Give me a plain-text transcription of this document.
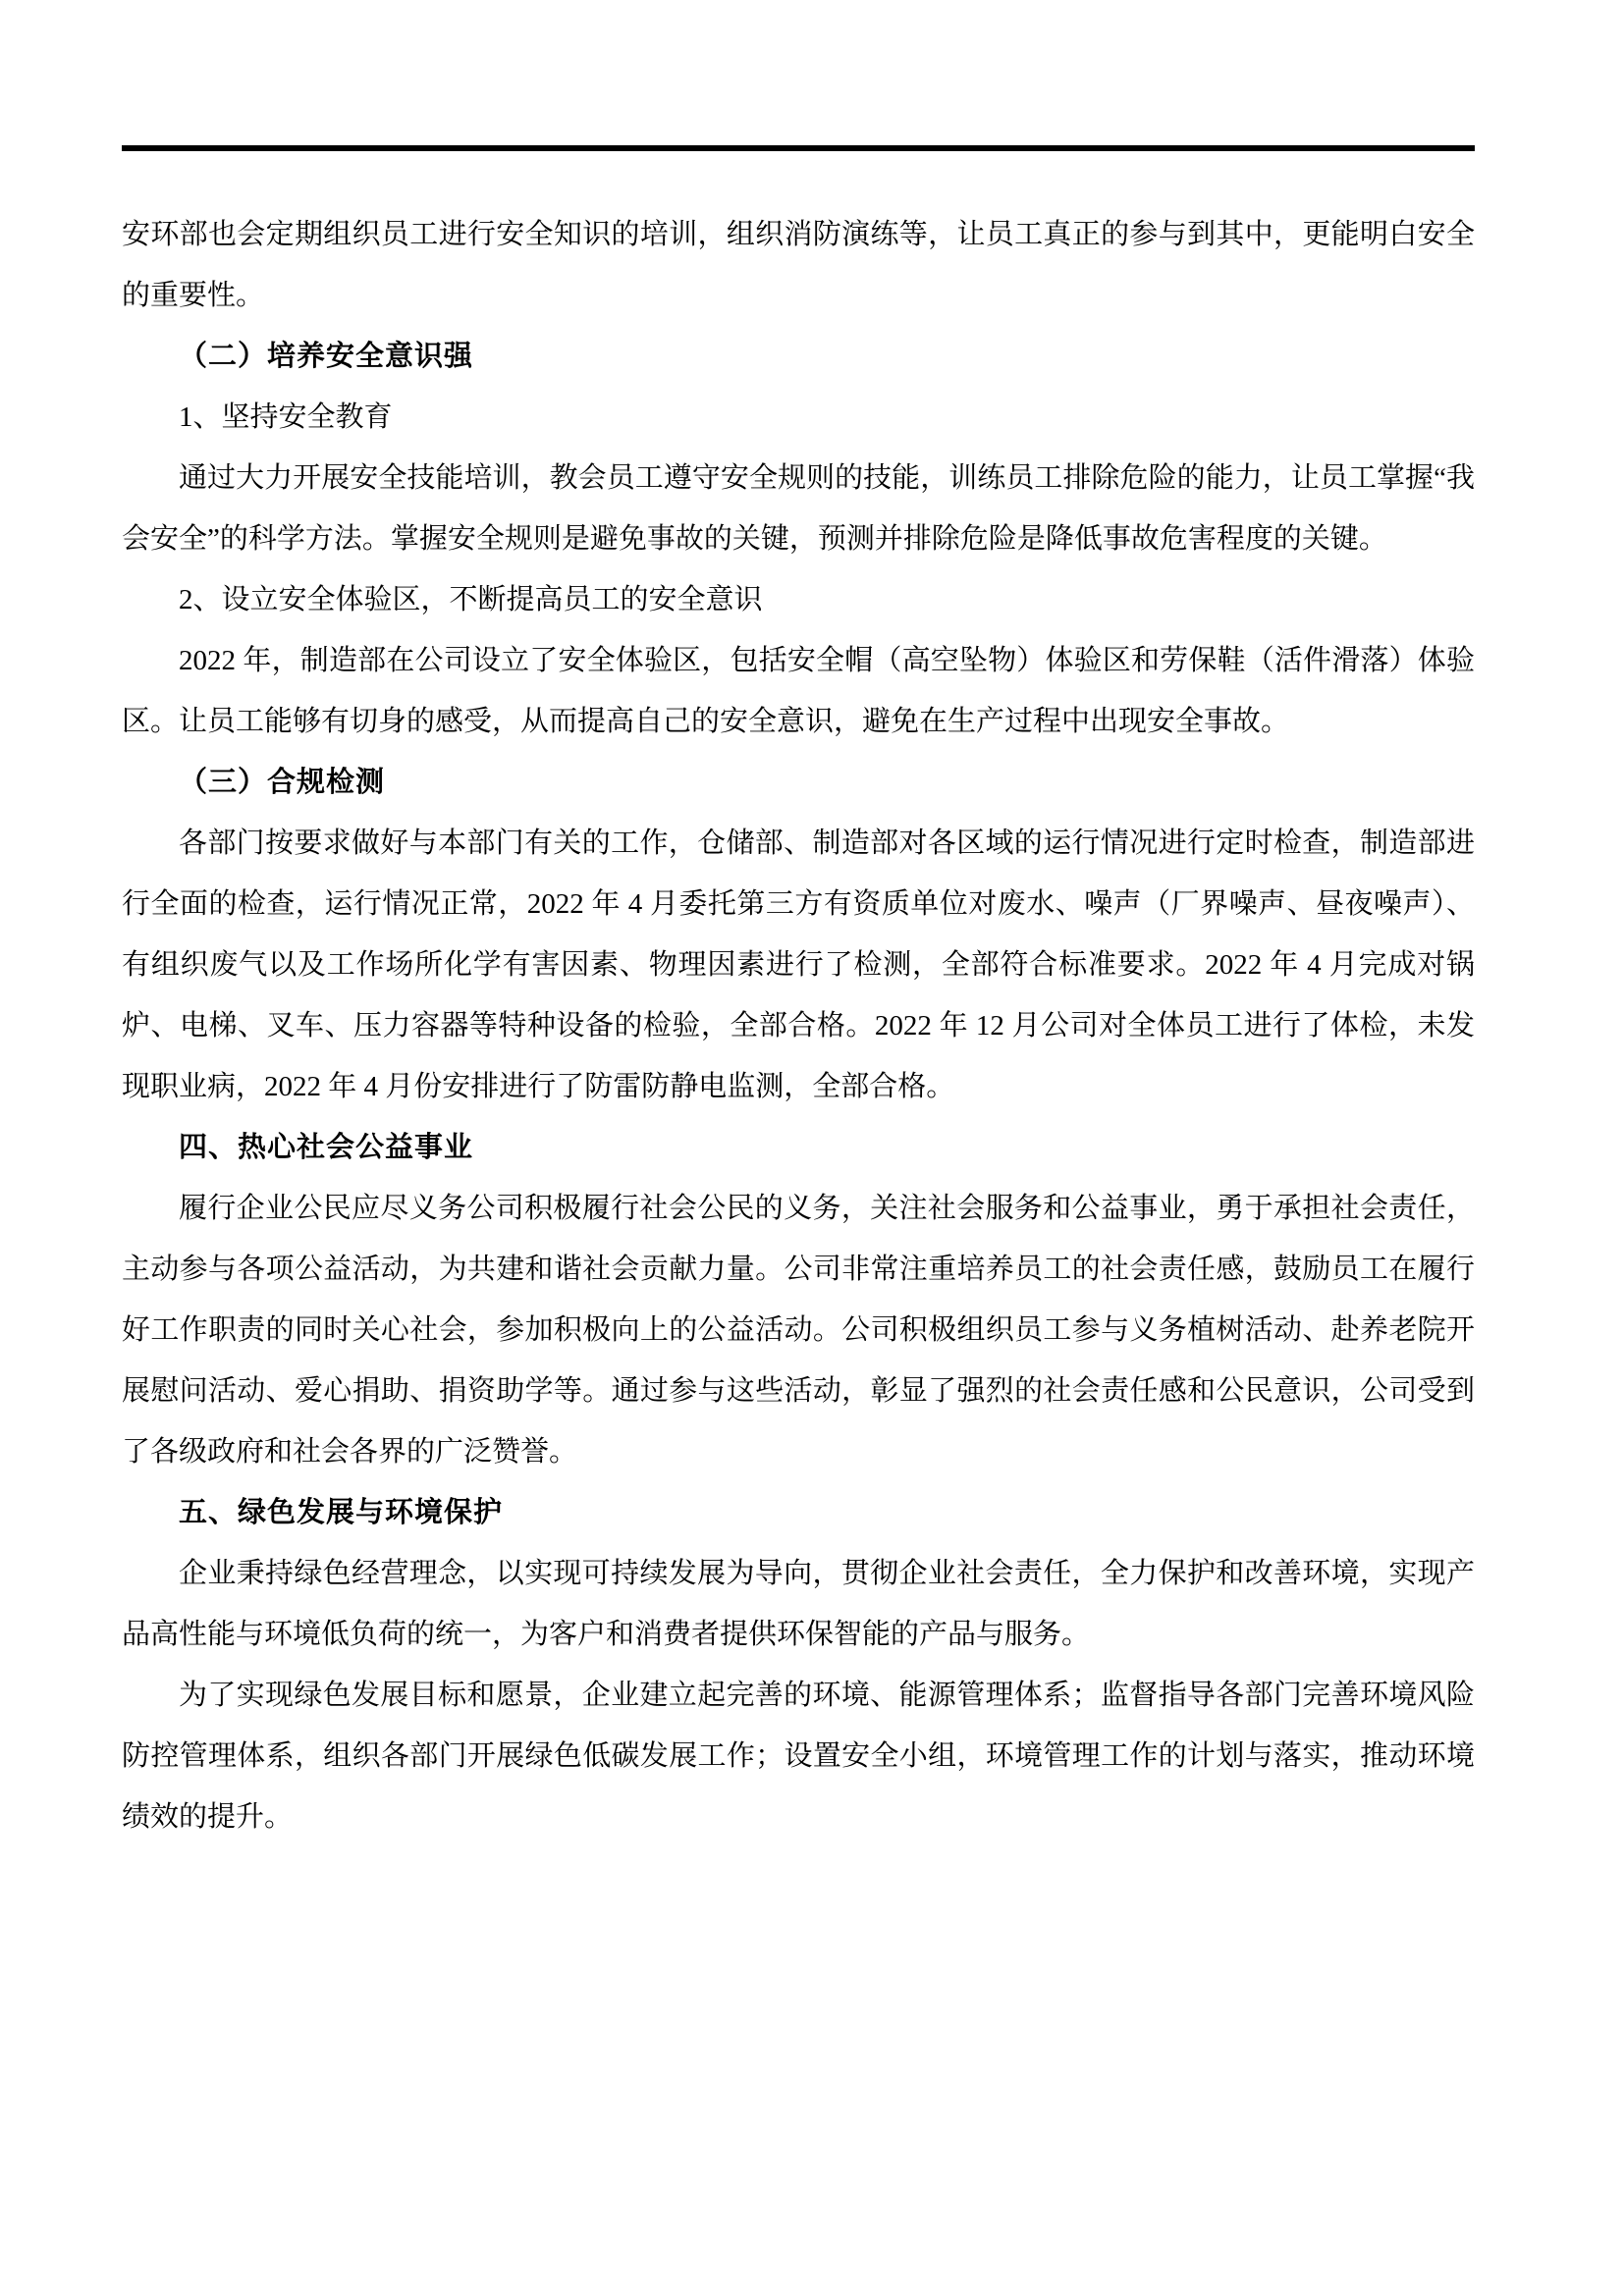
安环部也会定期组织员工进行安全知识的培训，组织消防演练等，让员工真正的参与到其中，更能明白安全的重要性。

（二）培养安全意识强

1、坚持安全教育

通过大力开展安全技能培训，教会员工遵守安全规则的技能，训练员工排除危险的能力，让员工掌握“我会安全”的科学方法。掌握安全规则是避免事故的关键，预测并排除危险是降低事故危害程度的关键。

2、设立安全体验区，不断提高员工的安全意识

2022 年，制造部在公司设立了安全体验区，包括安全帽（高空坠物）体验区和劳保鞋（活件滑落）体验区。让员工能够有切身的感受，从而提高自己的安全意识，避免在生产过程中出现安全事故。

（三）合规检测

各部门按要求做好与本部门有关的工作，仓储部、制造部对各区域的运行情况进行定时检查，制造部进行全面的检查，运行情况正常，2022 年 4 月委托第三方有资质单位对废水、噪声（厂界噪声、昼夜噪声）、有组织废气以及工作场所化学有害因素、物理因素进行了检测，全部符合标准要求。2022 年 4 月完成对锅炉、电梯、叉车、压力容器等特种设备的检验，全部合格。2022 年 12 月公司对全体员工进行了体检，未发现职业病，2022 年 4 月份安排进行了防雷防静电监测，全部合格。

四、热心社会公益事业

履行企业公民应尽义务公司积极履行社会公民的义务，关注社会服务和公益事业，勇于承担社会责任，主动参与各项公益活动，为共建和谐社会贡献力量。公司非常注重培养员工的社会责任感，鼓励员工在履行好工作职责的同时关心社会，参加积极向上的公益活动。公司积极组织员工参与义务植树活动、赴养老院开展慰问活动、爱心捐助、捐资助学等。通过参与这些活动，彰显了强烈的社会责任感和公民意识，公司受到了各级政府和社会各界的广泛赞誉。

五、绿色发展与环境保护

企业秉持绿色经营理念，以实现可持续发展为导向，贯彻企业社会责任，全力保护和改善环境，实现产品高性能与环境低负荷的统一，为客户和消费者提供环保智能的产品与服务。

为了实现绿色发展目标和愿景，企业建立起完善的环境、能源管理体系；监督指导各部门完善环境风险防控管理体系，组织各部门开展绿色低碳发展工作；设置安全小组，环境管理工作的计划与落实，推动环境绩效的提升。
